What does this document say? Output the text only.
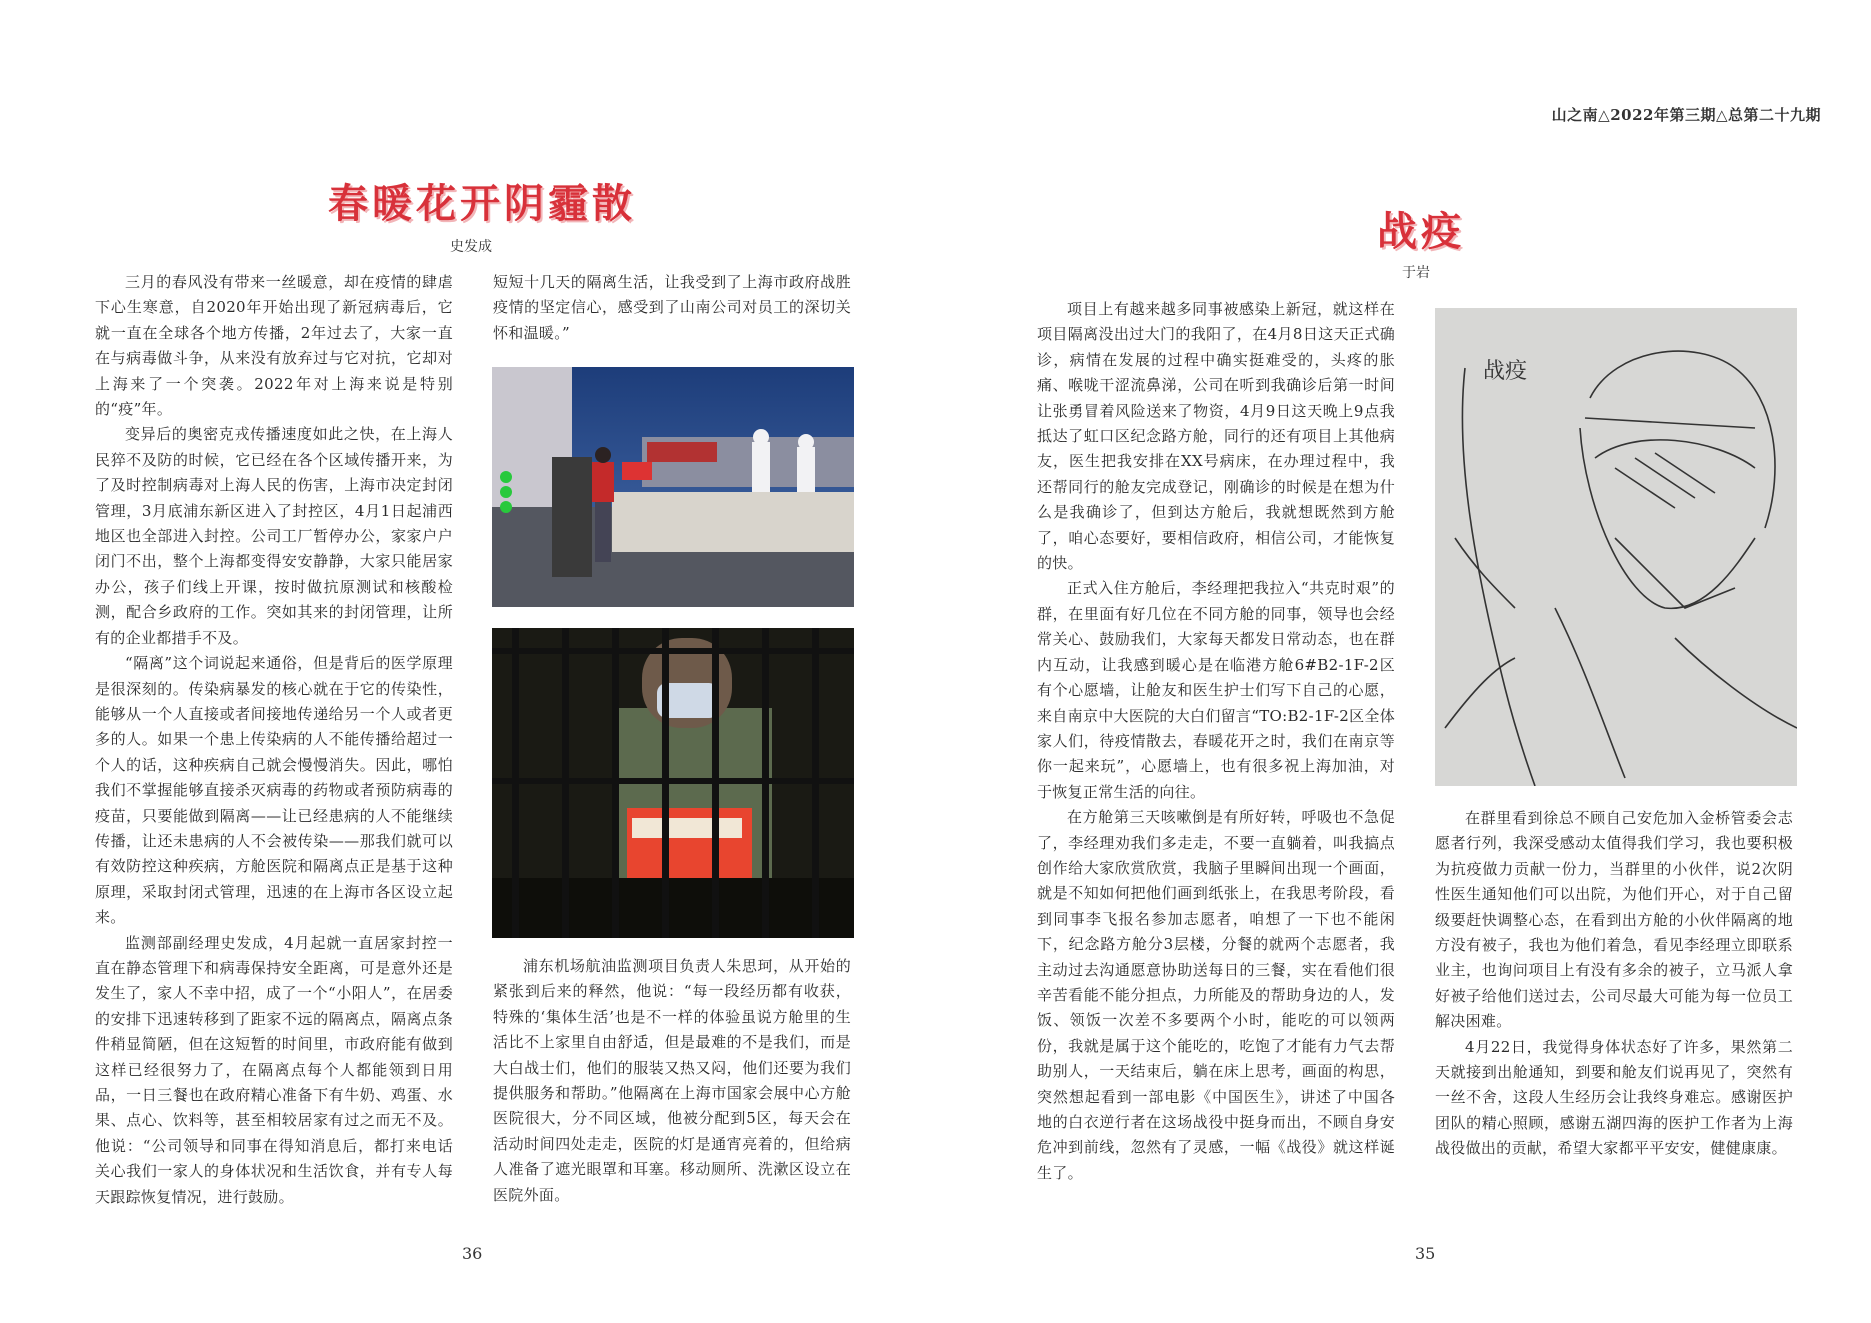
春暖花开阴霾散
史发成

三月的春风没有带来一丝暖意，却在疫情的肆虐下心生寒意，自2020年开始出现了新冠病毒后，它就一直在全球各个地方传播，2年过去了，大家一直在与病毒做斗争，从来没有放弃过与它对抗，它却对上海来了一个突袭。2022年对上海来说是特别的“疫”年。

变异后的奥密克戎传播速度如此之快，在上海人民猝不及防的时候，它已经在各个区域传播开来，为了及时控制病毒对上海人民的伤害，上海市决定封闭管理，3月底浦东新区进入了封控区，4月1日起浦西地区也全部进入封控。公司工厂暂停办公，家家户户闭门不出，整个上海都变得安安静静，大家只能居家办公，孩子们线上开课，按时做抗原测试和核酸检测，配合乡政府的工作。突如其来的封闭管理，让所有的企业都措手不及。

“隔离”这个词说起来通俗，但是背后的医学原理是很深刻的。传染病暴发的核心就在于它的传染性，能够从一个人直接或者间接地传递给另一个人或者更多的人。如果一个患上传染病的人不能传播给超过一个人的话，这种疾病自己就会慢慢消失。因此，哪怕我们不掌握能够直接杀灭病毒的药物或者预防病毒的疫苗，只要能做到隔离——让已经患病的人不能继续传播，让还未患病的人不会被传染——那我们就可以有效防控这种疾病，方舱医院和隔离点正是基于这种原理，采取封闭式管理，迅速的在上海市各区设立起来。

监测部副经理史发成，4月起就一直居家封控一直在静态管理下和病毒保持安全距离，可是意外还是发生了，家人不幸中招，成了一个“小阳人”，在居委的安排下迅速转移到了距家不远的隔离点，隔离点条件稍显简陋，但在这短暂的时间里，市政府能有做到这样已经很努力了，在隔离点每个人都能领到日用品，一日三餐也在政府精心准备下有牛奶、鸡蛋、水果、点心、饮料等，甚至相较居家有过之而无不及。他说：“公司领导和同事在得知消息后，都打来电话关心我们一家人的身体状况和生活饮食，并有专人每天跟踪恢复情况，进行鼓励。

短短十几天的隔离生活，让我受到了上海市政府战胜疫情的坚定信心，感受到了山南公司对员工的深切关怀和温暖。”

浦东机场航油监测项目负责人朱思珂，从开始的紧张到后来的释然，他说：“每一段经历都有收获，特殊的‘集体生活’也是不一样的体验虽说方舱里的生活比不上家里自由舒适，但是最难的不是我们，而是大白战士们，他们的服装又热又闷，他们还要为我们提供服务和帮助。”他隔离在上海市国家会展中心方舱医院很大，分不同区域，他被分配到5区，每天会在活动时间四处走走，医院的灯是通宵亮着的，但给病人准备了遮光眼罩和耳塞。移动厕所、洗漱区设立在医院外面。

36
山之南△2022年第三期△总第二十九期
战疫
于岩

项目上有越来越多同事被感染上新冠，就这样在项目隔离没出过大门的我阳了，在4月8日这天正式确诊，病情在发展的过程中确实挺难受的，头疼的胀痛、喉咙干涩流鼻涕，公司在听到我确诊后第一时间让张勇冒着风险送来了物资，4月9日这天晚上9点我抵达了虹口区纪念路方舱，同行的还有项目上其他病友，医生把我安排在XX号病床，在办理过程中，我还帮同行的舱友完成登记，刚确诊的时候是在想为什么是我确诊了，但到达方舱后，我就想既然到方舱了，咱心态要好，要相信政府，相信公司，才能恢复的快。

正式入住方舱后，李经理把我拉入“共克时艰”的群，在里面有好几位在不同方舱的同事，领导也会经常关心、鼓励我们，大家每天都发日常动态，也在群内互动，让我感到暖心是在临港方舱6#B2-1F-2区有个心愿墙，让舱友和医生护士们写下自己的心愿，来自南京中大医院的大白们留言“TO:B2-1F-2区全体家人们，待疫情散去，春暖花开之时，我们在南京等你一起来玩”，心愿墙上，也有很多祝上海加油，对于恢复正常生活的向往。

在方舱第三天咳嗽倒是有所好转，呼吸也不急促了，李经理劝我们多走走，不要一直躺着，叫我搞点创作给大家欣赏欣赏，我脑子里瞬间出现一个画面，就是不知如何把他们画到纸张上，在我思考阶段，看到同事李飞报名参加志愿者，咱想了一下也不能闲下，纪念路方舱分3层楼，分餐的就两个志愿者，我主动过去沟通愿意协助送每日的三餐，实在看他们很辛苦看能不能分担点，力所能及的帮助身边的人，发饭、领饭一次差不多要两个小时，能吃的可以领两份，我就是属于这个能吃的，吃饱了才能有力气去帮助别人，一天结束后，躺在床上思考，画面的构思，突然想起看到一部电影《中国医生》，讲述了中国各地的白衣逆行者在这场战役中挺身而出，不顾自身安危冲到前线，忽然有了灵感，一幅《战役》就这样诞生了。

战疫

在群里看到徐总不顾自己安危加入金桥管委会志愿者行列，我深受感动太值得我们学习，我也要积极为抗疫做力贡献一份力，当群里的小伙伴，说2次阴性医生通知他们可以出院，为他们开心，对于自己留级要赶快调整心态，在看到出方舱的小伙伴隔离的地方没有被子，我也为他们着急，看见李经理立即联系业主，也询问项目上有没有多余的被子，立马派人拿好被子给他们送过去，公司尽最大可能为每一位员工解决困难。

4月22日，我觉得身体状态好了许多，果然第二天就接到出舱通知，到要和舱友们说再见了，突然有一丝不舍，这段人生经历会让我终身难忘。感谢医护团队的精心照顾，感谢五湖四海的医护工作者为上海战役做出的贡献，希望大家都平平安安，健健康康。

35
